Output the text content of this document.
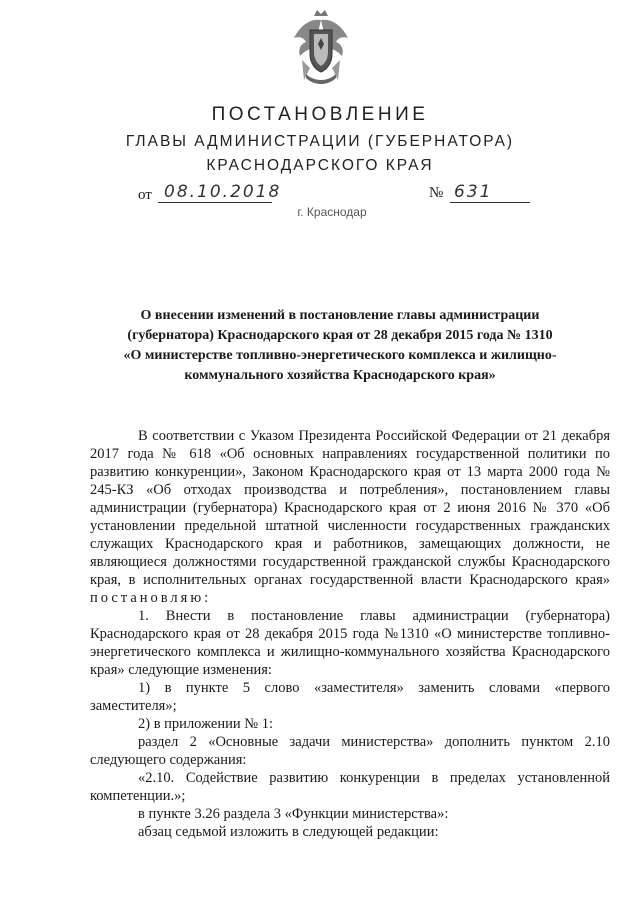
ПОСТАНОВЛЕНИЕ
ГЛАВЫ АДМИНИСТРАЦИИ (ГУБЕРНАТОРА)
КРАСНОДАРСКОГО КРАЯ
от 08.10.2018	№ 631
г. Краснодар
О внесении изменений в постановление главы администрации
(губернатора) Краснодарского края от 28 декабря 2015 года № 1310
«О министерстве топливно-энергетического комплекса и жилищно-
коммунального хозяйства Краснодарского края»

В соответствии с Указом Президента Российской Федерации от 21 декабря 2017 года № 618 «Об основных направлениях государственной политики по развитию конкуренции», Законом Краснодарского края от 13 марта 2000 года № 245-КЗ «Об отходах производства и потребления», постановлением главы администрации (губернатора) Краснодарского края от 2 июня 2016 № 370 «Об установлении предельной штатной численности государственных гражданских служащих Краснодарского края и работников, замещающих должности, не являющиеся должностями государственной гражданской службы Краснодарского края, в исполнительных органах государственной власти Краснодарского края» постановляю:

1. Внести в постановление главы администрации (губернатора) Краснодарского края от 28 декабря 2015 года №1310 «О министерстве топливно-энергетического комплекса и жилищно-коммунального хозяйства Краснодарского края» следующие изменения:

1) в пункте 5 слово «заместителя» заменить словами «первого заместителя»;

2) в приложении № 1:

раздел 2 «Основные задачи министерства» дополнить пунктом 2.10 следующего содержания:

«2.10. Содействие развитию конкуренции в пределах установленной компетенции.»;

в пункте 3.26 раздела 3 «Функции министерства»:

абзац седьмой изложить в следующей редакции:
